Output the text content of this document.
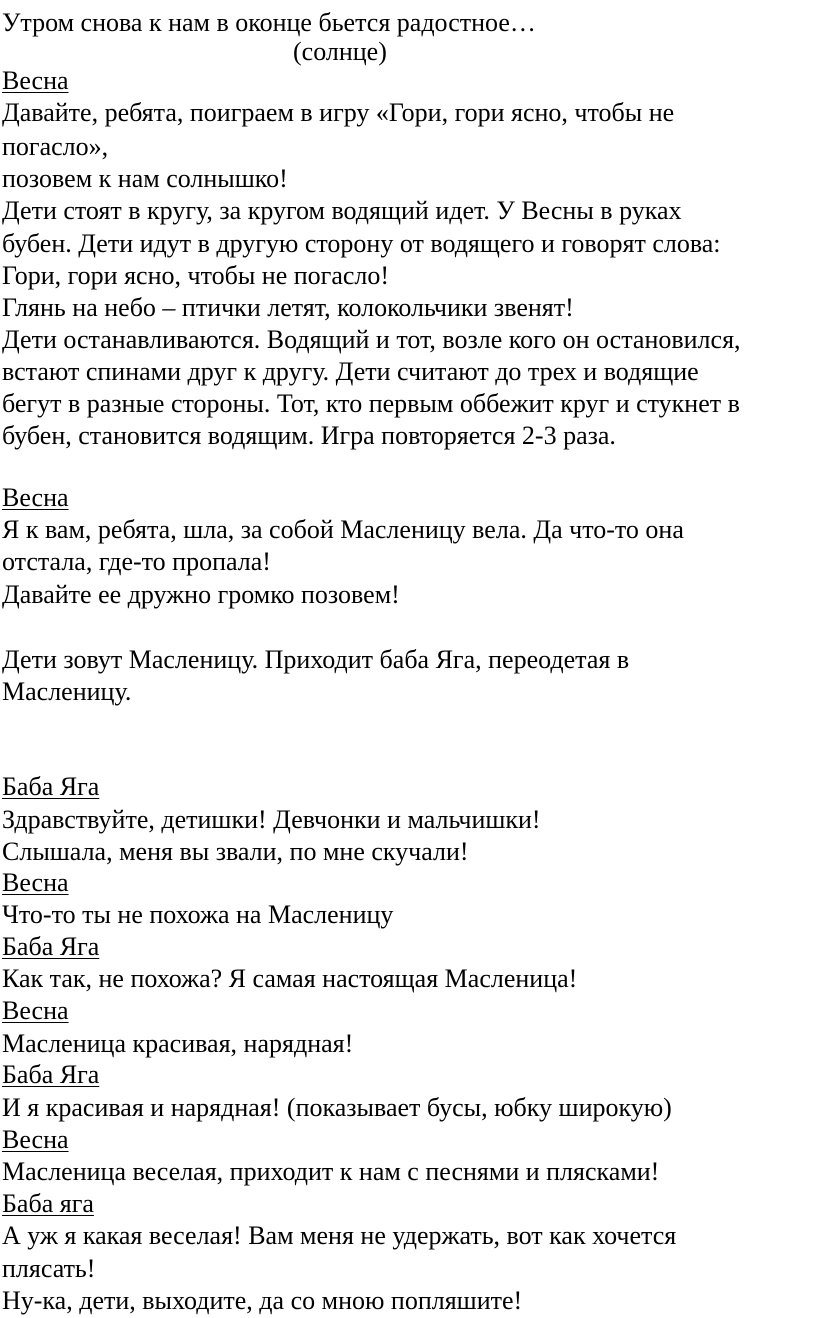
Утром снова к нам в оконце бьется радостное…
(солнце)
Весна
Давайте, ребята, поиграем в игру «Гори, гори ясно, чтобы не
погасло»,
позовем к нам солнышко!
Дети стоят в кругу, за кругом водящий идет. У Весны в руках
бубен. Дети идут в другую сторону от водящего и говорят слова:
Гори, гори ясно, чтобы не погасло!
Глянь на небо – птички летят, колокольчики звенят!
Дети останавливаются. Водящий и тот, возле кого он остановился,
встают спинами друг к другу. Дети считают до трех и водящие
бегут в разные стороны. Тот, кто первым оббежит круг и стукнет в
бубен, становится водящим. Игра повторяется 2-3 раза.
Весна
Я к вам, ребята, шла, за собой Масленицу вела. Да что-то она
отстала, где-то пропала!
Давайте ее дружно громко позовем!
Дети зовут Масленицу. Приходит баба Яга, переодетая в
Масленицу.
Баба Яга
Здравствуйте, детишки! Девчонки и мальчишки!
Слышала, меня вы звали, по мне скучали!
Весна
Что-то ты не похожа на Масленицу
Баба Яга
Как так, не похожа? Я самая настоящая Масленица!
Весна
Масленица красивая, нарядная!
Баба Яга
И я красивая и нарядная! (показывает бусы, юбку широкую)
Весна
Масленица веселая, приходит к нам с песнями и плясками!
Баба яга
А уж я какая веселая! Вам меня не удержать, вот как хочется
плясать!
Ну-ка, дети, выходите, да со мною попляшите!
